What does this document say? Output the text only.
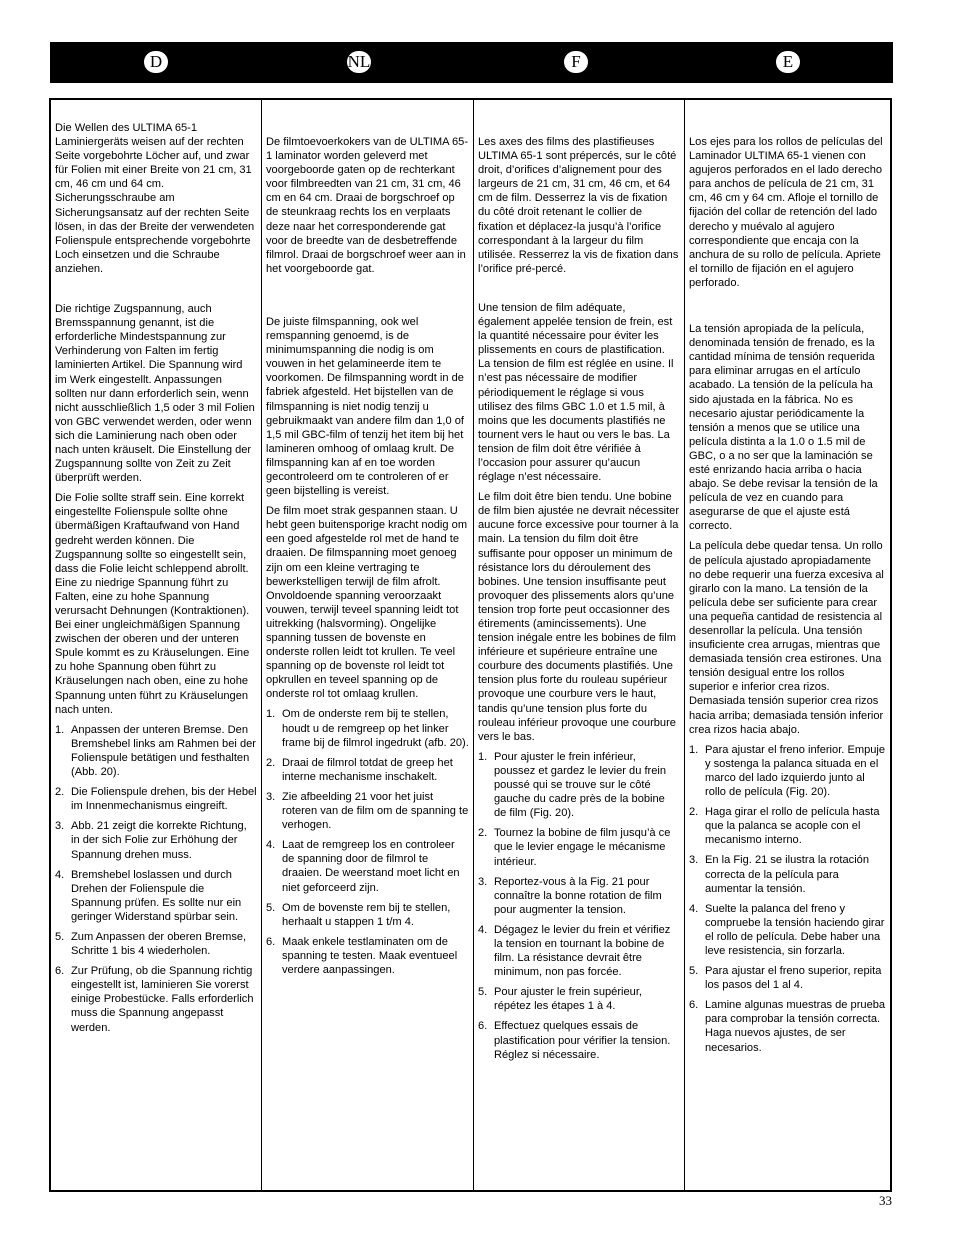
D	NL	F	E

Die Wellen des ULTIMA 65-1 Laminiergeräts weisen auf der rechten Seite vorgebohrte Löcher auf, und zwar für Folien mit einer Breite von 21 cm, 31 cm, 46 cm und 64 cm. Sicherungsschraube am Sicherungsansatz auf der rechten Seite lösen, in das der Breite der verwendeten Folienspule entsprechende vorgebohrte Loch einsetzen und die Schraube anziehen.

Die richtige Zugspannung, auch Bremsspannung genannt, ist die erforderliche Mindestspannung zur Verhinderung von Falten im fertig laminierten Artikel. Die Spannung wird im Werk eingestellt. Anpassungen sollten nur dann erforderlich sein, wenn nicht ausschließlich 1,5 oder 3 mil Folien von GBC verwendet werden, oder wenn sich die Laminierung nach oben oder nach unten kräuselt. Die Einstellung der Zugspannung sollte von Zeit zu Zeit überprüft werden.

Die Folie sollte straff sein. Eine korrekt eingestellte Folienspule sollte ohne übermäßigen Kraftaufwand von Hand gedreht werden können. Die Zugspannung sollte so eingestellt sein, dass die Folie leicht schleppend abrollt. Eine zu niedrige Spannung führt zu Falten, eine zu hohe Spannung verursacht Dehnungen (Kontraktionen). Bei einer ungleichmäßigen Spannung zwischen der oberen und der unteren Spule kommt es zu Kräuselungen. Eine zu hohe Spannung oben führt zu Kräuselungen nach oben, eine zu hohe Spannung unten führt zu Kräuselungen nach unten.

1. Anpassen der unteren Bremse. Den Bremshebel links am Rahmen bei der Folienspule betätigen und festhalten (Abb. 20).
2. Die Folienspule drehen, bis der Hebel im Innenmechanismus eingreift.
3. Abb. 21 zeigt die korrekte Richtung, in der sich Folie zur Erhöhung der Spannung drehen muss.
4. Bremshebel loslassen und durch Drehen der Folienspule die Spannung prüfen. Es sollte nur ein geringer Widerstand spürbar sein.
5. Zum Anpassen der oberen Bremse, Schritte 1 bis 4 wiederholen.
6. Zur Prüfung, ob die Spannung richtig eingestellt ist, laminieren Sie vorerst einige Probestücke. Falls erforderlich muss die Spannung angepasst werden.

De filmtoevoerkokers van de ULTIMA 65-1 laminator worden geleverd met voorgeboorde gaten op de rechterkant voor filmbreedten van 21 cm, 31 cm, 46 cm en 64 cm. Draai de borgschroef op de steunkraag rechts los en verplaats deze naar het corresponderende gat voor de breedte van de desbetreffende filmrol. Draai de borgschroef weer aan in het voorgeboorde gat.

De juiste filmspanning, ook wel remspanning genoemd, is de minimumspanning die nodig is om vouwen in het gelamineerde item te voorkomen. De filmspanning wordt in de fabriek afgesteld. Het bijstellen van de filmspanning is niet nodig tenzij u gebruikmaakt van andere film dan 1,0 of 1,5 mil GBC-film of tenzij het item bij het lamineren omhoog of omlaag krult. De filmspanning kan af en toe worden gecontroleerd om te controleren of er geen bijstelling is vereist.

De film moet strak gespannen staan. U hebt geen buitensporige kracht nodig om een goed afgestelde rol met de hand te draaien. De filmspanning moet genoeg zijn om een kleine vertraging te bewerkstelligen terwijl de film afrolt. Onvoldoende spanning veroorzaakt vouwen, terwijl teveel spanning leidt tot uitrekking (halsvorming). Ongelijke spanning tussen de bovenste en onderste rollen leidt tot krullen. Te veel spanning op de bovenste rol leidt tot opkrullen en teveel spanning op de onderste rol tot omlaag krullen.

1. Om de onderste rem bij te stellen, houdt u de remgreep op het linker frame bij de filmrol ingedrukt (afb. 20).
2. Draai de filmrol totdat de greep het interne mechanisme inschakelt.
3. Zie afbeelding 21 voor het juist roteren van de film om de spanning te verhogen.
4. Laat de remgreep los en controleer de spanning door de filmrol te draaien. De weerstand moet licht en niet geforceerd zijn.
5. Om de bovenste rem bij te stellen, herhaalt u stappen 1 t/m 4.
6. Maak enkele testlaminaten om de spanning te testen. Maak eventueel verdere aanpassingen.

Les axes des films des plastifieuses ULTIMA 65-1 sont prépercés, sur le côté droit, d’orifices d’alignement pour des largeurs de 21 cm, 31 cm, 46 cm, et 64 cm de film. Desserrez la vis de fixation du côté droit retenant le collier de fixation et déplacez-la jusqu’à l’orifice correspondant à la largeur du film utilisée. Resserrez la vis de fixation dans l’orifice pré-percé.

Une tension de film adéquate, également appelée tension de frein, est la quantité nécessaire pour éviter les plissements en cours de plastification. La tension de film est réglée en usine. Il n’est pas nécessaire de modifier périodiquement le réglage si vous utilisez des films GBC 1.0 et 1.5 mil, à moins que les documents plastifiés ne tournent vers le haut ou vers le bas. La tension de film doit être vérifiée à l’occasion pour assurer qu’aucun réglage n’est nécessaire.

Le film doit être bien tendu. Une bobine de film bien ajustée ne devrait nécessiter aucune force excessive pour tourner à la main. La tension du film doit être suffisante pour opposer un minimum de résistance lors du déroulement des bobines. Une tension insuffisante peut provoquer des plissements alors qu’une tension trop forte peut occasionner des étirements (amincissements). Une tension inégale entre les bobines de film inférieure et supérieure entraîne une courbure des documents plastifiés. Une tension plus forte du rouleau supérieur provoque une courbure vers le haut, tandis qu’une tension plus forte du rouleau inférieur provoque une courbure vers le bas.

1. Pour ajuster le frein inférieur, poussez et gardez le levier du frein poussé qui se trouve sur le côté gauche du cadre près de la bobine de film (Fig. 20).
2. Tournez la bobine de film jusqu’à ce que le levier engage le mécanisme intérieur.
3. Reportez-vous à la Fig. 21 pour connaître la bonne rotation de film pour augmenter la tension.
4. Dégagez le levier du frein et vérifiez la tension en tournant la bobine de film. La résistance devrait être minimum, non pas forcée.
5. Pour ajuster le frein supérieur, répétez les étapes 1 à 4.
6. Effectuez quelques essais de plastification pour vérifier la tension. Réglez si nécessaire.

Los ejes para los rollos de películas del Laminador ULTIMA 65-1 vienen con agujeros perforados en el lado derecho para anchos de película de 21 cm, 31 cm, 46 cm y 64 cm. Afloje el tornillo de fijación del collar de retención del lado derecho y muévalo al agujero correspondiente que encaja con la anchura de su rollo de película. Apriete el tornillo de fijación en el agujero perforado.

La tensión apropiada de la película, denominada tensión de frenado, es la cantidad mínima de tensión requerida para eliminar arrugas en el artículo acabado. La tensión de la película ha sido ajustada en la fábrica. No es necesario ajustar periódicamente la tensión a menos que se utilice una película distinta a la 1.0 o 1.5 mil de GBC, o a no ser que la laminación se esté enrizando hacia arriba o hacia abajo. Se debe revisar la tensión de la película de vez en cuando para asegurarse de que el ajuste está correcto.

La película debe quedar tensa. Un rollo de película ajustado apropiadamente no debe requerir una fuerza excesiva al girarlo con la mano. La tensión de la película debe ser suficiente para crear una pequeña cantidad de resistencia al desenrollar la película. Una tensión insuficiente crea arrugas, mientras que demasiada tensión crea estirones. Una tensión desigual entre los rollos superior e inferior crea rizos. Demasiada tensión superior crea rizos hacia arriba; demasiada tensión inferior crea rizos hacia abajo.

1. Para ajustar el freno inferior. Empuje y sostenga la palanca situada en el marco del lado izquierdo junto al rollo de película (Fig. 20).
2. Haga girar el rollo de película hasta que la palanca se acople con el mecanismo interno.
3. En la Fig. 21 se ilustra la rotación correcta de la película para aumentar la tensión.
4. Suelte la palanca del freno y compruebe la tensión haciendo girar el rollo de película. Debe haber una leve resistencia, sin forzarla.
5. Para ajustar el freno superior, repita los pasos del 1 al 4.
6. Lamine algunas muestras de prueba para comprobar la tensión correcta. Haga nuevos ajustes, de ser necesarios.
33
